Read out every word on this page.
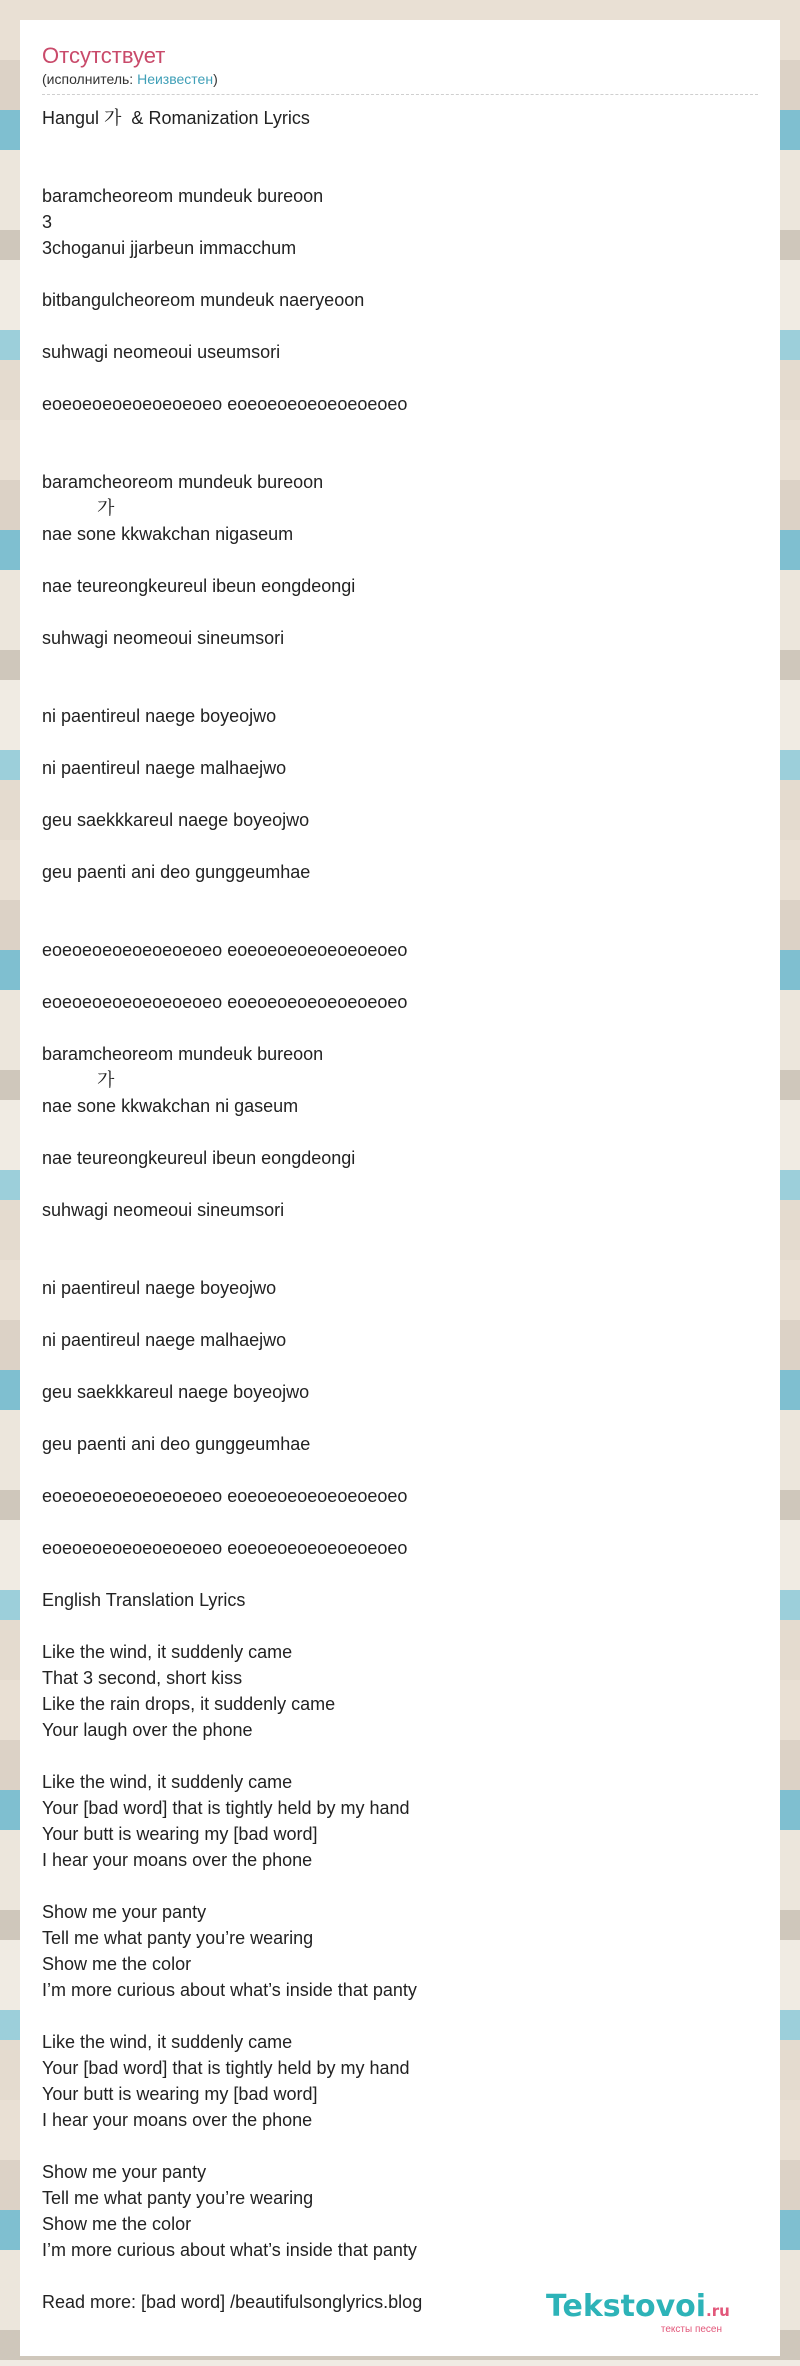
Отсутствует
(исполнитель: Неизвестен)
Hangul 가  & Romanization Lyrics
baramcheoreom mundeuk bureoon
3
3choganui jjarbeun immacchum
bitbangulcheoreom mundeuk naeryeoon
suhwagi neomeoui useumsori
eoeoeoeoeoeoeoeoeo eoeoeoeoeoeoeoeoeo
baramcheoreom mundeuk bureoon
가
nae sone kkwakchan nigaseum
nae teureongkeureul ibeun eongdeongi
suhwagi neomeoui sineumsori
ni paentireul naege boyeojwo
ni paentireul naege malhaejwo
geu saekkkareul naege boyeojwo
geu paenti ani deo gunggeumhae
eoeoeoeoeoeoeoeoeo eoeoeoeoeoeoeoeoeo
eoeoeoeoeoeoeoeoeo eoeoeoeoeoeoeoeoeo
baramcheoreom mundeuk bureoon
가
nae sone kkwakchan ni gaseum
nae teureongkeureul ibeun eongdeongi
suhwagi neomeoui sineumsori
ni paentireul naege boyeojwo
ni paentireul naege malhaejwo
geu saekkkareul naege boyeojwo
geu paenti ani deo gunggeumhae
eoeoeoeoeoeoeoeoeo eoeoeoeoeoeoeoeoeo
eoeoeoeoeoeoeoeoeo eoeoeoeoeoeoeoeoeo
English Translation Lyrics
Like the wind, it suddenly came
That 3 second, short kiss
Like the rain drops, it suddenly came
Your laugh over the phone
Like the wind, it suddenly came
Your [bad word] that is tightly held by my hand
Your butt is wearing my [bad word]
I hear your moans over the phone
Show me your panty
Tell me what panty you’re wearing
Show me the color
I’m more curious about what’s inside that panty
Like the wind, it suddenly came
Your [bad word] that is tightly held by my hand
Your butt is wearing my [bad word]
I hear your moans over the phone
Show me your panty
Tell me what panty you’re wearing
Show me the color
I’m more curious about what’s inside that panty
Read more: [bad word] /beautifulsonglyrics.blog	Tekstovoi.ru
тексты песен
